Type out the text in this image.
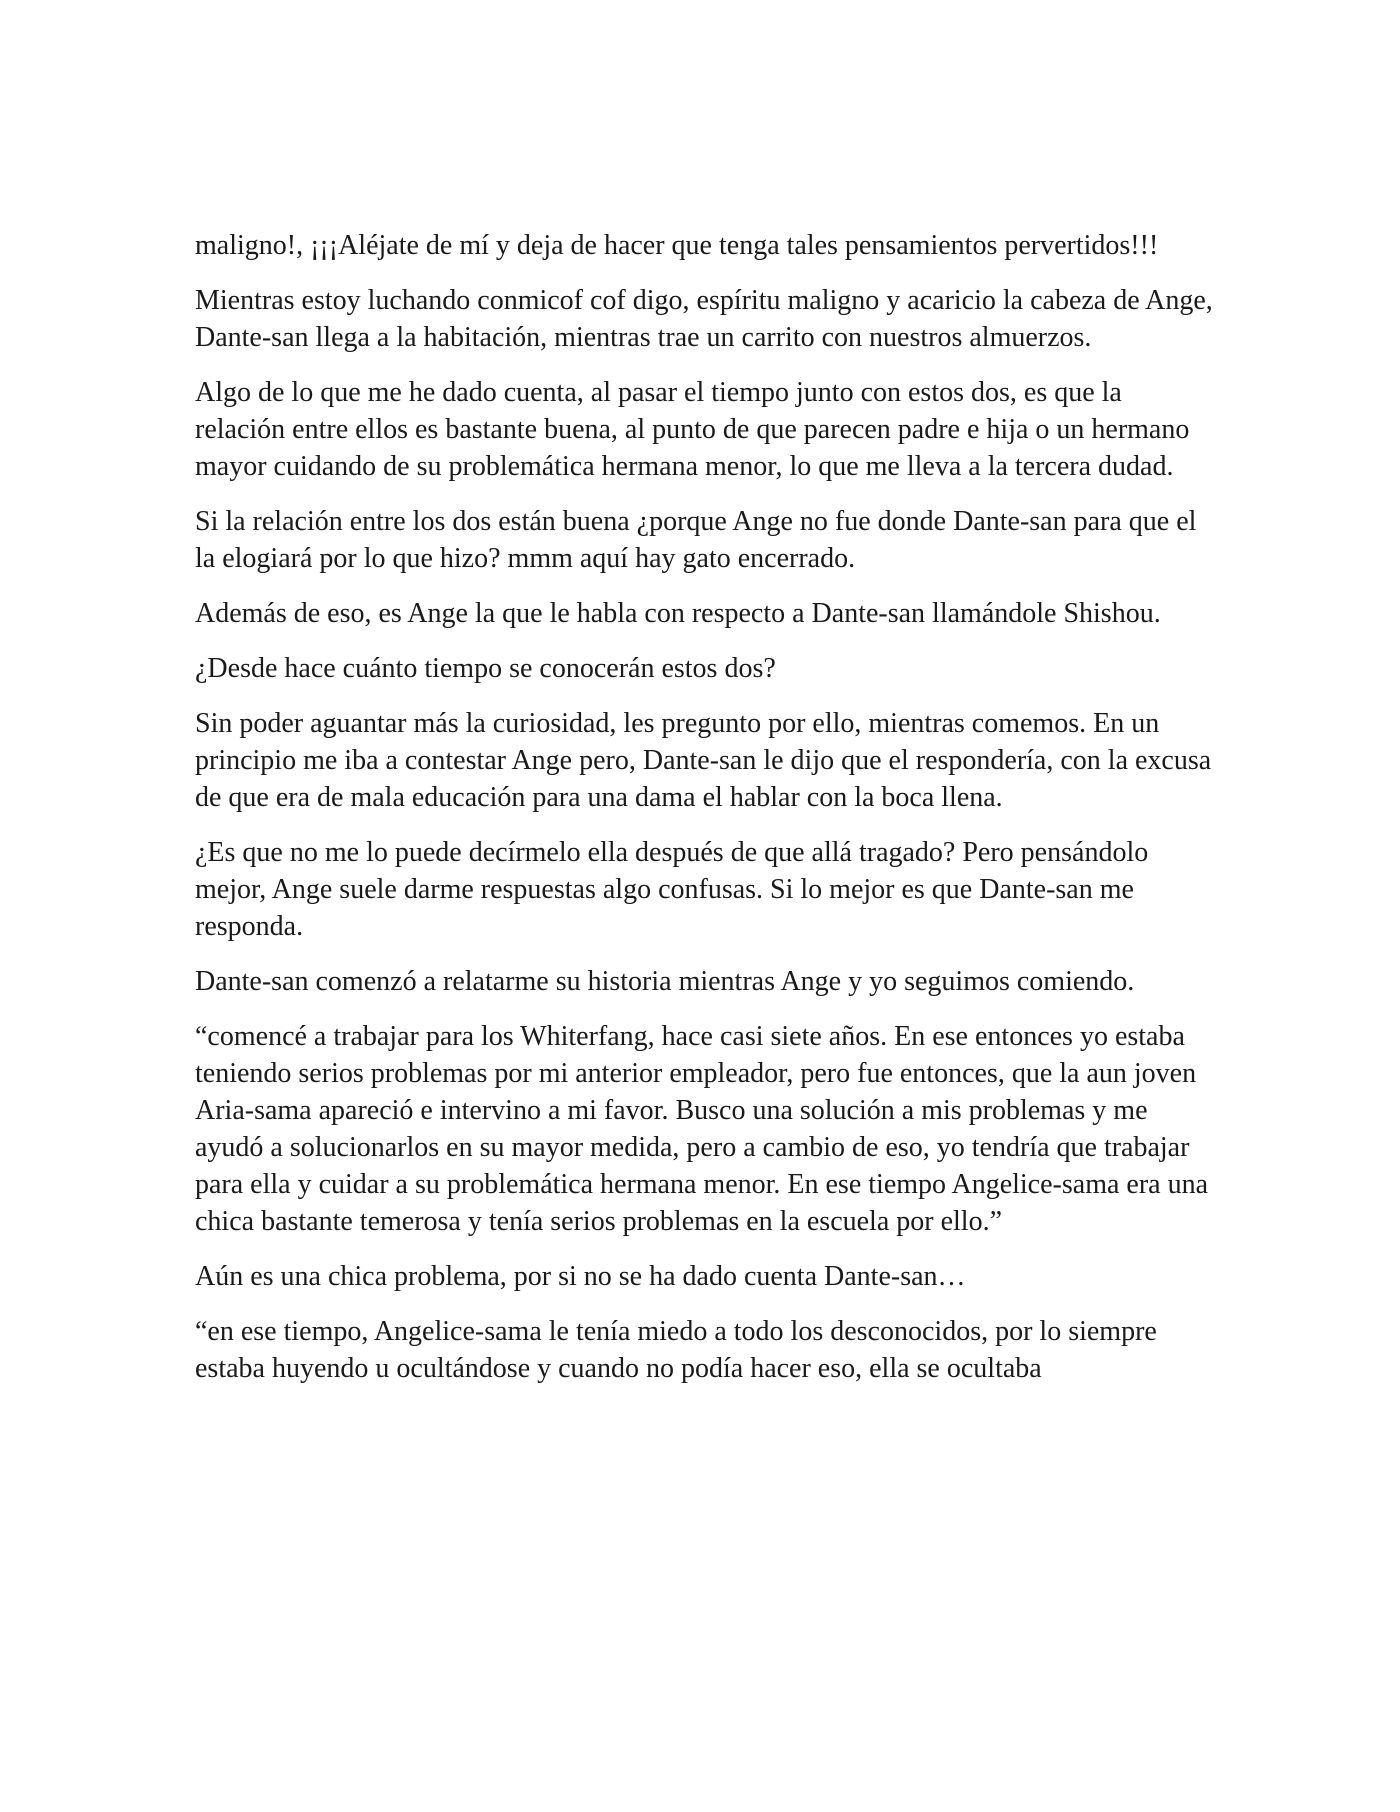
maligno!, ¡¡¡Aléjate de mí y deja de hacer que tenga tales pensamientos pervertidos!!!

Mientras estoy luchando conmicof cof digo, espíritu maligno y acaricio la cabeza de Ange, Dante-san llega a la habitación, mientras trae un carrito con nuestros almuerzos.

Algo de lo que me he dado cuenta, al pasar el tiempo junto con estos dos, es que la relación entre ellos es bastante buena, al punto de que parecen padre e hija o un hermano mayor cuidando de su problemática hermana menor, lo que me lleva a la tercera dudad.

Si la relación entre los dos están buena ¿porque Ange no fue donde Dante-san para que el la elogiará por lo que hizo? mmm aquí hay gato encerrado.

Además de eso, es Ange la que le habla con respecto a Dante-san llamándole Shishou.

¿Desde hace cuánto tiempo se conocerán estos dos?

Sin poder aguantar más la curiosidad, les pregunto por ello, mientras comemos. En un principio me iba a contestar Ange pero, Dante-san le dijo que el respondería, con la excusa de que era de mala educación para una dama el hablar con la boca llena.

¿Es que no me lo puede decírmelo ella después de que allá tragado? Pero pensándolo mejor, Ange suele darme respuestas algo confusas. Si lo mejor es que Dante-san me responda.

Dante-san comenzó a relatarme su historia mientras Ange y yo seguimos comiendo.

“comencé a trabajar para los Whiterfang, hace casi siete años. En ese entonces yo estaba teniendo serios problemas por mi anterior empleador, pero fue entonces, que la aun joven Aria-sama apareció e intervino a mi favor. Busco una solución a mis problemas y me ayudó a solucionarlos en su mayor medida, pero a cambio de eso, yo tendría que trabajar para ella y cuidar a su problemática hermana menor. En ese tiempo Angelice-sama era una chica bastante temerosa y tenía serios problemas en la escuela por ello.”

Aún es una chica problema, por si no se ha dado cuenta Dante-san…

“en ese tiempo, Angelice-sama le tenía miedo a todo los desconocidos, por lo siempre estaba huyendo u ocultándose y cuando no podía hacer eso, ella se ocultaba
